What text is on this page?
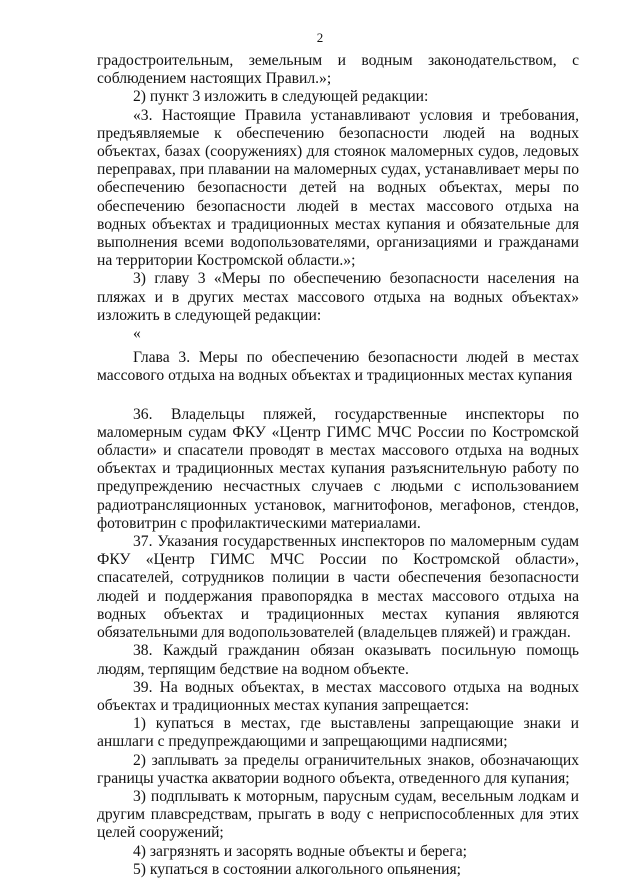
2

градостроительным, земельным и водным законодательством, с соблюдением настоящих Правил.»;

2) пункт 3 изложить в следующей редакции:

«3. Настоящие Правила устанавливают условия и требования, предъявляемые к обеспечению безопасности людей на водных объектах, базах (сооружениях) для стоянок маломерных судов, ледовых переправах, при плавании на маломерных судах, устанавливает меры по обеспечению безопасности детей на водных объектах, меры по обеспечению безопасности людей в местах массового отдыха на водных объектах и традиционных местах купания и обязательные для выполнения всеми водопользователями, организациями и гражданами на территории Костромской области.»;

3) главу 3 «Меры по обеспечению безопасности населения на пляжах и в других местах массового отдыха на водных объектах» изложить в следующей редакции:

«

Глава 3. Меры по обеспечению безопасности людей в местах массового отдыха на водных объектах и традиционных местах купания

36. Владельцы пляжей, государственные инспекторы по маломерным судам ФКУ «Центр ГИМС МЧС России по Костромской области» и спасатели проводят в местах массового отдыха на водных объектах и традиционных местах купания разъяснительную работу по предупреждению несчастных случаев с людьми с использованием радиотрансляционных установок, магнитофонов, мегафонов, стендов, фотовитрин с профилактическими материалами.

37. Указания государственных инспекторов по маломерным судам ФКУ «Центр ГИМС МЧС России по Костромской области», спасателей, сотрудников полиции в части обеспечения безопасности людей и поддержания правопорядка в местах массового отдыха на водных объектах и традиционных местах купания являются обязательными для водопользователей (владельцев пляжей) и граждан.

38. Каждый гражданин обязан оказывать посильную помощь людям, терпящим бедствие на водном объекте.

39. На водных объектах, в местах массового отдыха на водных объектах и традиционных местах купания запрещается:

1) купаться в местах, где выставлены запрещающие знаки и аншлаги с предупреждающими и запрещающими надписями;

2) заплывать за пределы ограничительных знаков, обозначающих границы участка акватории водного объекта, отведенного для купания;

3) подплывать к моторным, парусным судам, весельным лодкам и другим плавсредствам, прыгать в воду с неприспособленных для этих целей сооружений;

4) загрязнять и засорять водные объекты и берега;

5) купаться в состоянии алкогольного опьянения;
